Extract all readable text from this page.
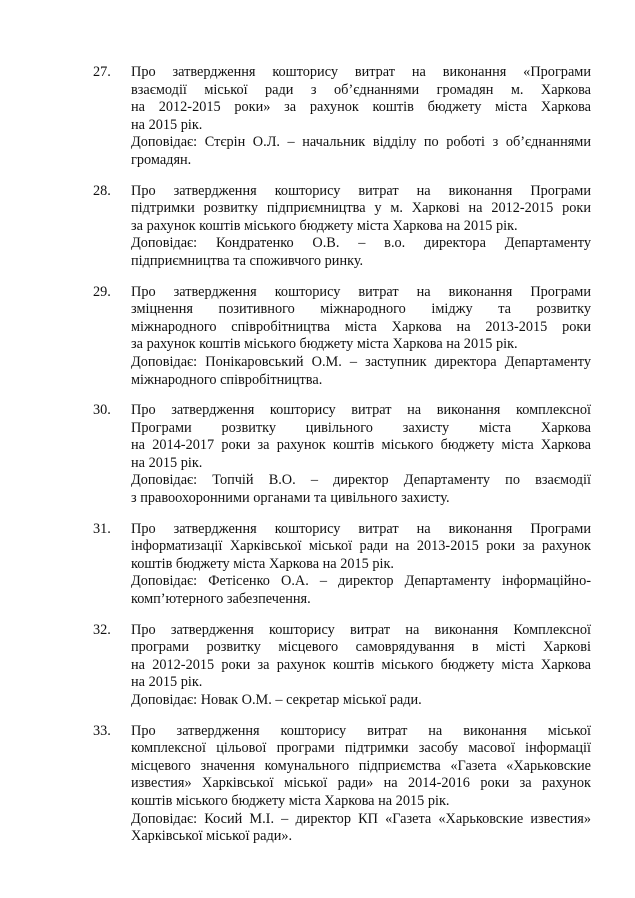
27.	Про затвердження кошторису витрат на виконання «Програми
взаємодії міської ради з об’єднаннями громадян м. Харкова
на 2012-2015 роки» за рахунок коштів бюджету міста Харкова
на 2015 рік.

Доповідає: Стєрін О.Л. – начальник відділу по роботі з об’єднаннями
громадян.

28.	Про затвердження кошторису витрат на виконання Програми
підтримки розвитку підприємництва у м. Харкові на 2012-2015 роки
за рахунок коштів міського бюджету міста Харкова на 2015 рік.

Доповідає: Кондратенко О.В. – в.о. директора Департаменту
підприємництва та споживчого ринку.

29.	Про затвердження кошторису витрат на виконання Програми
зміцнення позитивного міжнародного іміджу та розвитку
міжнародного співробітництва міста Харкова на 2013-2015 роки
за рахунок коштів міського бюджету міста Харкова на 2015 рік.

Доповідає: Понікаровський О.М. – заступник директора Департаменту
міжнародного співробітництва.

30.	Про затвердження кошторису витрат на виконання комплексної
Програми розвитку цивільного захисту міста Харкова
на 2014-2017 роки за рахунок коштів міського бюджету міста Харкова
на 2015 рік.

Доповідає: Топчій В.О. – директор Департаменту по взаємодії
з правоохоронними органами та цивільного захисту.

31.	Про затвердження кошторису витрат на виконання Програми
інформатизації Харківської міської ради на 2013-2015 роки за рахунок
коштів бюджету міста Харкова на 2015 рік.

Доповідає: Фетісенко О.А. – директор Департаменту інформаційно-
комп’ютерного забезпечення.

32.	Про затвердження кошторису витрат на виконання Комплексної
програми розвитку місцевого самоврядування в місті Харкові
на 2012-2015 роки за рахунок коштів міського бюджету міста Харкова
на 2015 рік.

Доповідає: Новак О.М. – секретар міської ради.

33.	Про затвердження кошторису витрат на виконання міської
комплексної цільової програми підтримки засобу масової інформації
місцевого значення комунального підприємства «Газета «Харьковские
известия» Харківської міської ради» на 2014-2016 роки за рахунок
коштів міського бюджету міста Харкова на 2015 рік.

Доповідає: Косий М.І. – директор КП «Газета «Харьковские известия»
Харківської міської ради».
